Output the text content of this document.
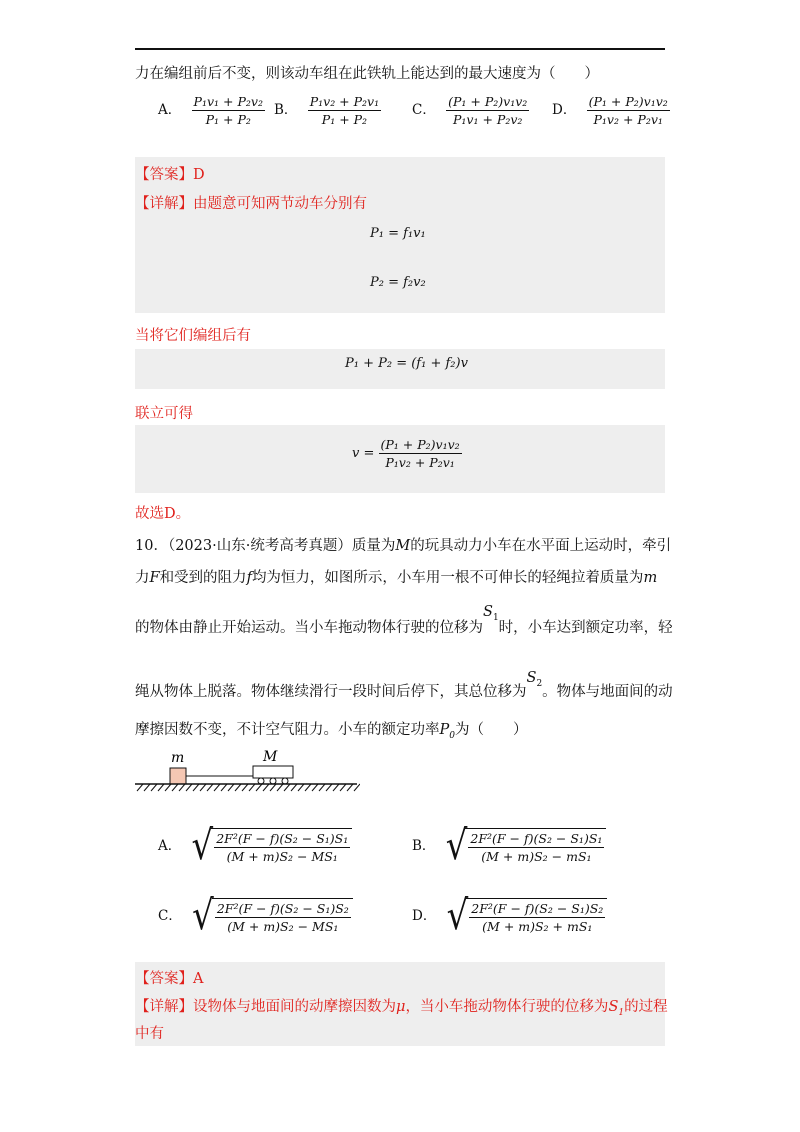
力在编组前后不变，则该动车组在此铁轨上能达到的最大速度为（　　）
A． $\frac{\text{P₁v₁ + P₂v₂}}{\text{P₁ + P₂}}$ B． $\frac{\text{P₁v₂ + P₂v₁}}{\text{P₁ + P₂}}$ C． $\frac{\text{(P₁ + P₂)v₁v₂}}{\text{P₁v₁ + P₂v₂}}$ D． $\frac{\text{(P₁ + P₂)v₁v₂}}{\text{P₁v₂ + P₂v₁}}$
【答案】D
【详解】由题意可知两节动车分别有
P₁ = f₁v₁
P₂ = f₂v₂
当将它们编组后有
P₁ + P₂ = (f₁ + f₂)v
联立可得
$v = \frac{\text{(P₁ + P₂)v₁v₂}}{\text{P₁v₂ + P₂v₁}}$
故选D。
10．（2023·山东·统考高考真题）质量为M的玩具动力小车在水平面上运动时，牵引
力F和受到的阻力f均为恒力，如图所示，小车用一根不可伸长的轻绳拉着质量为m
的物体由静止开始运动。当小车拖动物体行驶的位移为$S_1$时，小车达到额定功率，轻
绳从物体上脱落。物体继续滑行一段时间后停下，其总位移为$S_2$。物体与地面间的动
摩擦因数不变，不计空气阻力。小车的额定功率$P_0$为（　　）
m	M
A． √ $\frac{\text{2F²(F − f)(S₂ − S₁)S₁}}{\text{(M + m)S₂ − MS₁}}$	B． √ $\frac{\text{2F²(F − f)(S₂ − S₁)S₁}}{\text{(M + m)S₂ − mS₁}}$
C． √ $\frac{\text{2F²(F − f)(S₂ − S₁)S₂}}{\text{(M + m)S₂ − MS₁}}$	D． √ $\frac{\text{2F²(F − f)(S₂ − S₁)S₂}}{\text{(M + m)S₂ + mS₁}}$
【答案】A
【详解】设物体与地面间的动摩擦因数为μ，当小车拖动物体行驶的位移为$S_1$的过程
中有
